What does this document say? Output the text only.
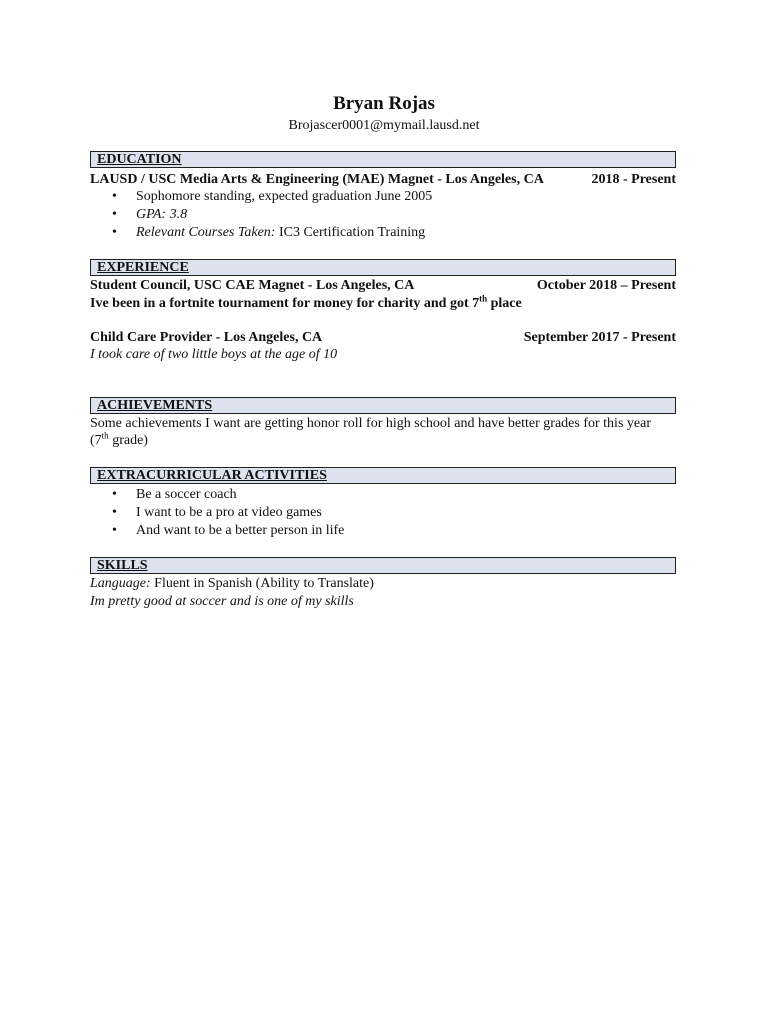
Bryan Rojas
Brojascer0001@mymail.lausd.net
EDUCATION
LAUSD / USC Media Arts & Engineering (MAE) Magnet - Los Angeles, CA	2018 - Present
• Sophomore standing, expected graduation June 2005
• GPA: 3.8
• Relevant Courses Taken: IC3 Certification Training
EXPERIENCE
Student Council, USC CAE Magnet - Los Angeles, CA	October 2018 – Present
Ive been in a fortnite tournament for money for charity and got 7th place
Child Care Provider - Los Angeles, CA	September 2017 - Present
I took care of two little boys at the age of 10
ACHIEVEMENTS
Some achievements I want are getting honor roll for high school and have better grades for this year
(7th grade)
EXTRACURRICULAR ACTIVITIES
• Be a soccer coach
• I want to be a pro at video games
• And want to be a better person in life
SKILLS
Language: Fluent in Spanish (Ability to Translate)
Im pretty good at soccer and is one of my skills
